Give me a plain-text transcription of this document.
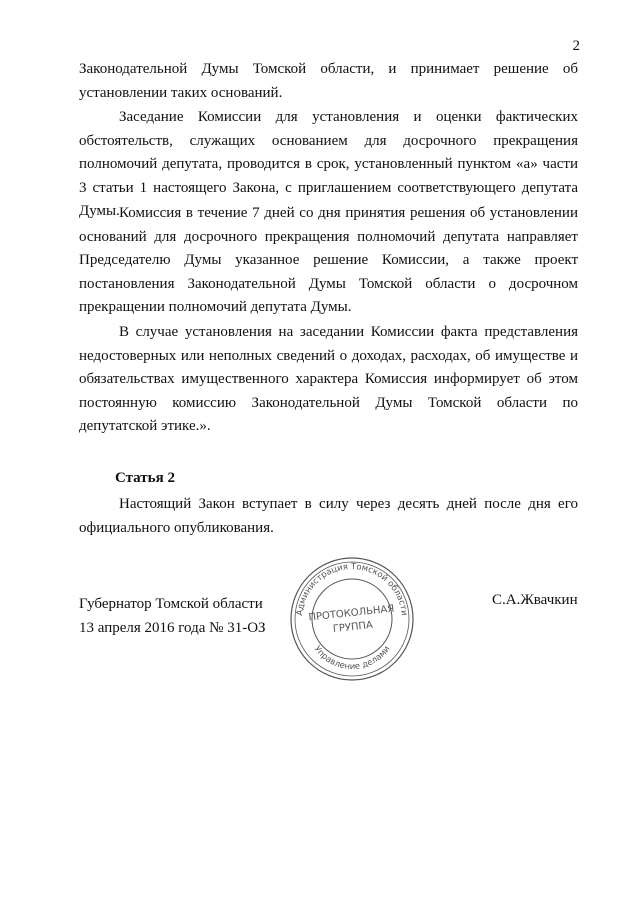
2

Законодательной Думы Томской области, и принимает решение об установлении таких оснований.

Заседание Комиссии для установления и оценки фактических обстоятельств, служащих основанием для досрочного прекращения полномочий депутата, проводится в срок, установленный пунктом «а» части 3 статьи 1 настоящего Закона, с приглашением соответствующего депутата Думы. Комиссия в течение 7 дней со дня принятия решения об установлении оснований для досрочного прекращения полномочий депутата направляет Председателю Думы указанное решение Комиссии, а также проект постановления Законодательной Думы Томской области о досрочном прекращении полномочий депутата Думы.

В случае установления на заседании Комиссии факта представления недостоверных или неполных сведений о доходах, расходах, об имуществе и обязательствах имущественного характера Комиссия информирует об этом постоянную комиссию Законодательной Думы Томской области по депутатской этике.».

Статья 2

Настоящий Закон вступает в силу через десять дней после дня его официального опубликования.

Губернатор Томской области
13 апреля 2016 года № 31-ОЗ
С.А.Жвачкин
Администрация Томской области
Управление делами
ПРОТОКОЛЬНАЯ
ГРУППА
